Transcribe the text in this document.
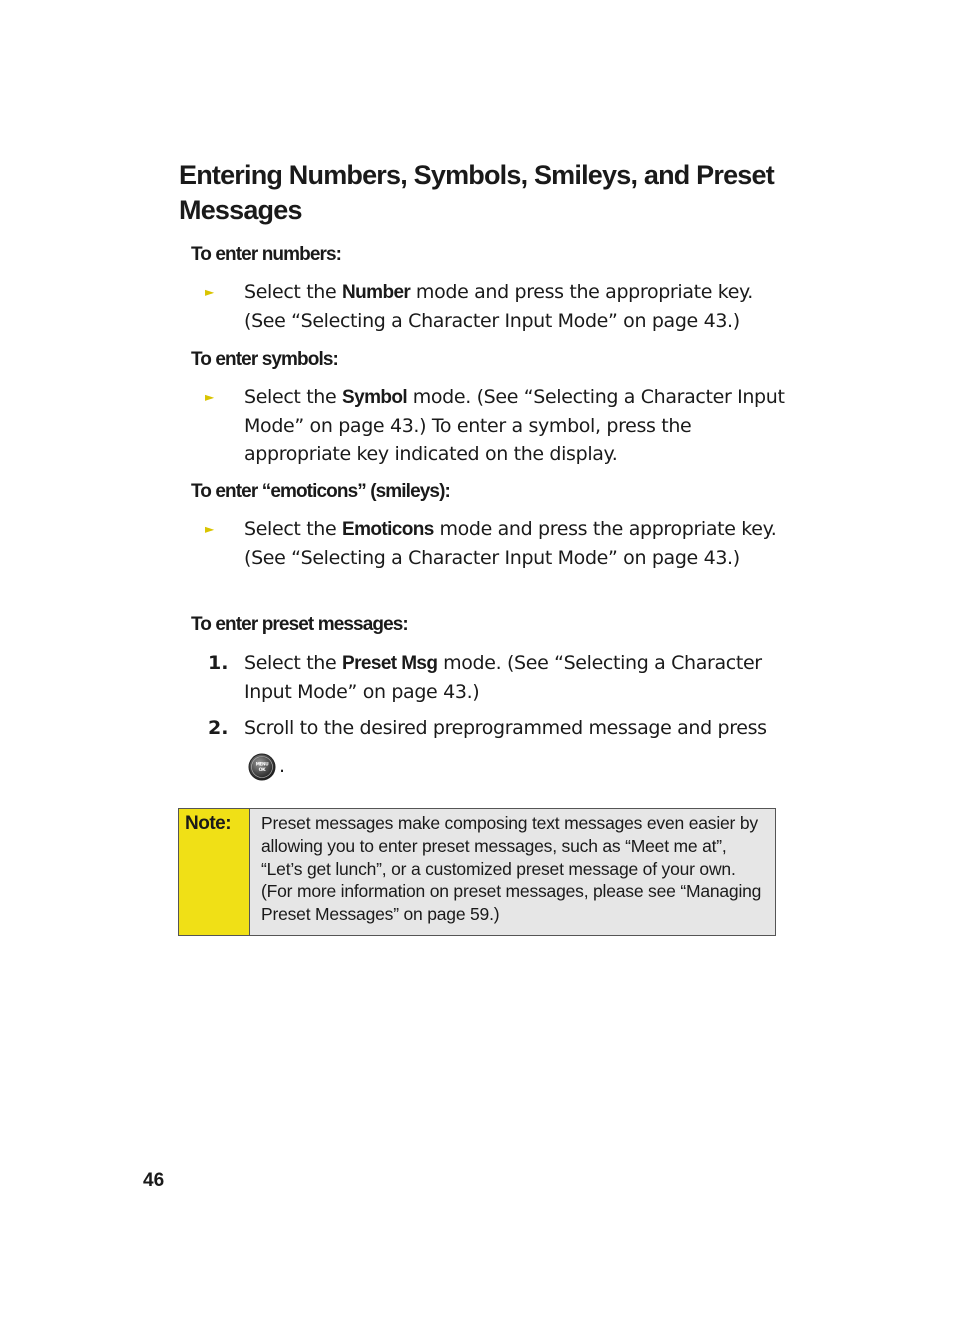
Entering Numbers, Symbols, Smileys, and Preset Messages
To enter numbers:
► Select the Number mode and press the appropriate key. (See “Selecting a Character Input Mode” on page 43.)
To enter symbols:
► Select the Symbol mode. (See “Selecting a Character Input Mode” on page 43.) To enter a symbol, press the appropriate key indicated on the display.
To enter “emoticons” (smileys):
► Select the Emoticons mode and press the appropriate key. (See “Selecting a Character Input Mode” on page 43.)
To enter preset messages:
1. Select the Preset Msg mode. (See “Selecting a Character Input Mode” on page 43.)
2. Scroll to the desired preprogrammed message and press
MENU
OK .
Note:	Preset messages make composing text messages even easier by allowing you to enter preset messages, such as “Meet me at”, “Let’s get lunch”, or a customized preset message of your own. (For more information on preset messages, please see “Managing Preset Messages” on page 59.)
46
